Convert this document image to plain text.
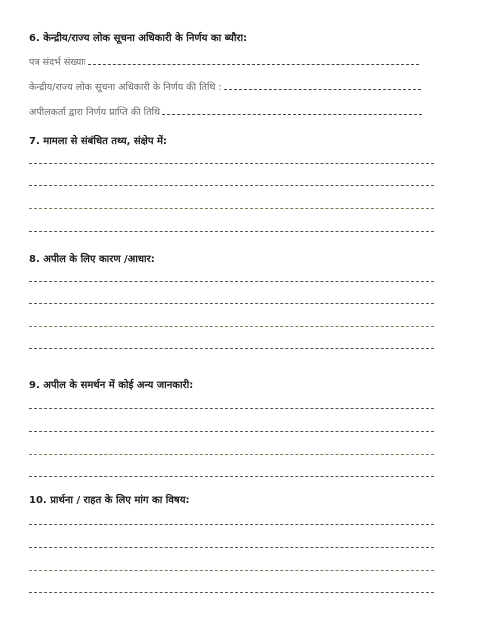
6. केन्द्रीय/राज्य लोक सूचना अधिकारी के निर्णय का ब्यौरा:
पत्र संदर्भ संख्याः
केन्द्रीय/राज्य लोक सूचना अधिकारी के निर्णय की तिथि :
अपीलकर्ता द्वारा निर्णय प्राप्ति की तिथि
7. मामला से संबंधित तथ्य, संक्षेप में:
8. अपील के लिए कारण /आधार:
9. अपील के समर्थन में कोई अन्य जानकारी:
10. प्रार्थना / राहत के लिए मांग का विषय:
